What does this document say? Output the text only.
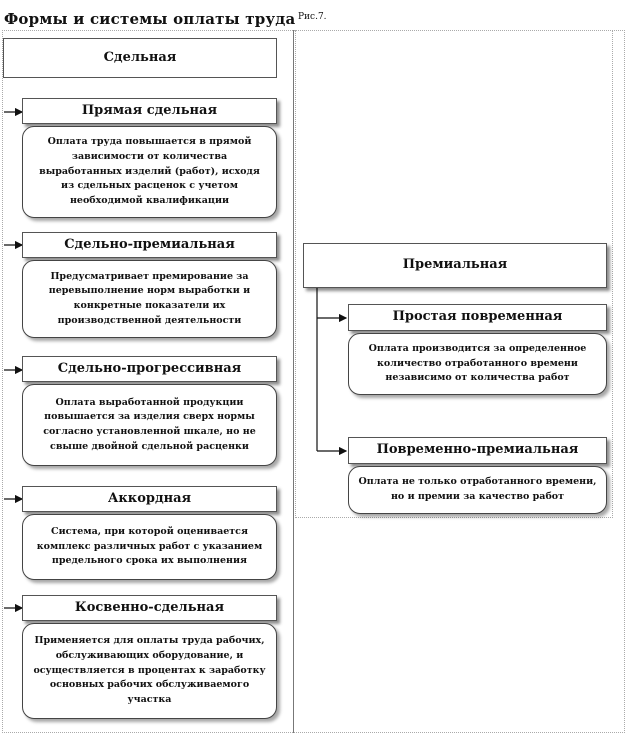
Формы и системы оплаты труда Рис.7.
Сдельная
Прямая сдельная
Оплата труда повышается в прямой зависимости от количества выработанных изделий (работ), исходя из сдельных расценок с учетом необходимой квалификации
Сдельно-премиальная
Предусматривает премирование за перевыполнение норм выработки и конкретные показатели их производственной деятельности
Сдельно-прогрессивная
Оплата выработанной продукции повышается за изделия сверх нормы согласно установленной шкале, но не свыше двойной сдельной расценки
Аккордная
Система, при которой оценивается комплекс различных работ с указанием предельного срока их выполнения
Косвенно-сдельная
Применяется для оплаты труда рабочих, обслуживающих оборудование, и осуществляется в процентах к заработку основных рабочих обслуживаемого участка
Премиальная
Простая повременная
Оплата производится за определенное количество отработанного времени независимо от количества работ
Повременно-премиальная
Оплата не только отработанного времени, но и премии за качество работ
